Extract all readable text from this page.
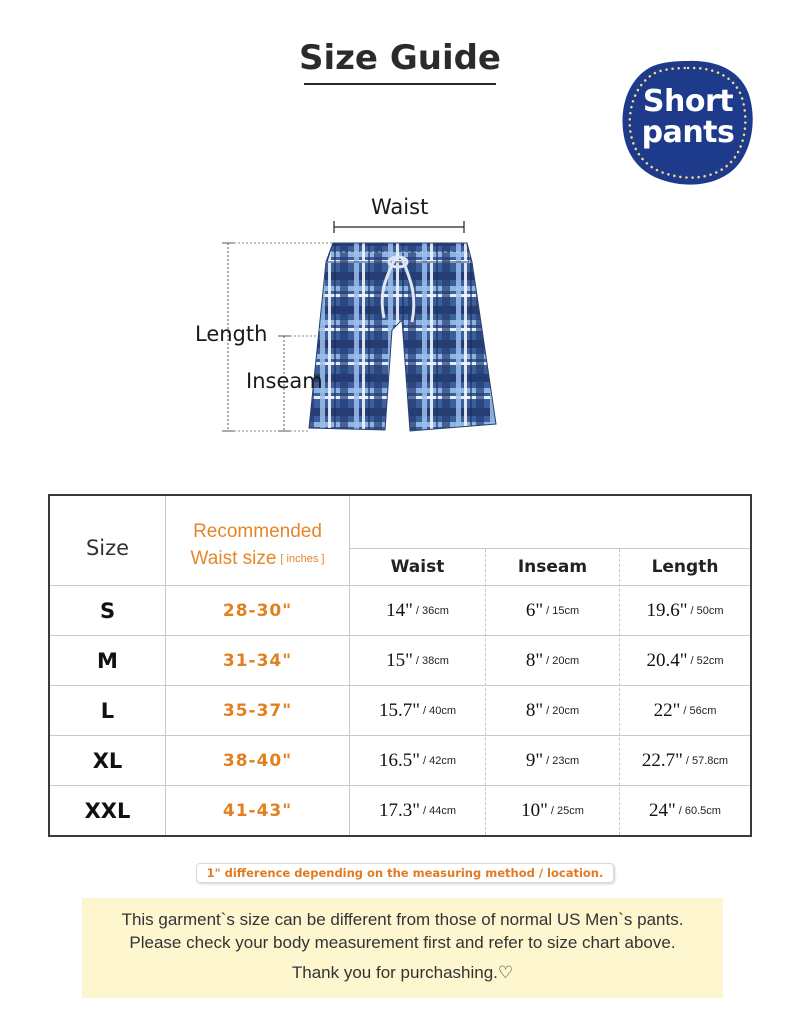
Size Guide
Short
pants
Waist
Length
Inseam
Size
Recommended
Waist size [ inches ]	Waist	Inseam	Length
S	28-30"	14" / 36cm	6" / 15cm	19.6" / 50cm
M	31-34"	15" / 38cm	8" / 20cm	20.4" / 52cm
L	35-37"	15.7" / 40cm	8" / 20cm	22" / 56cm
XL	38-40"	16.5" / 42cm	9" / 23cm	22.7" / 57.8cm
XXL	41-43"	17.3" / 44cm	10" / 25cm	24" / 60.5cm
1" difference depending on the measuring method / location.
This garment`s size can be different from those of normal US Men`s pants.
Please check your body measurement first and refer to size chart above.
Thank you for purchashing.♡
